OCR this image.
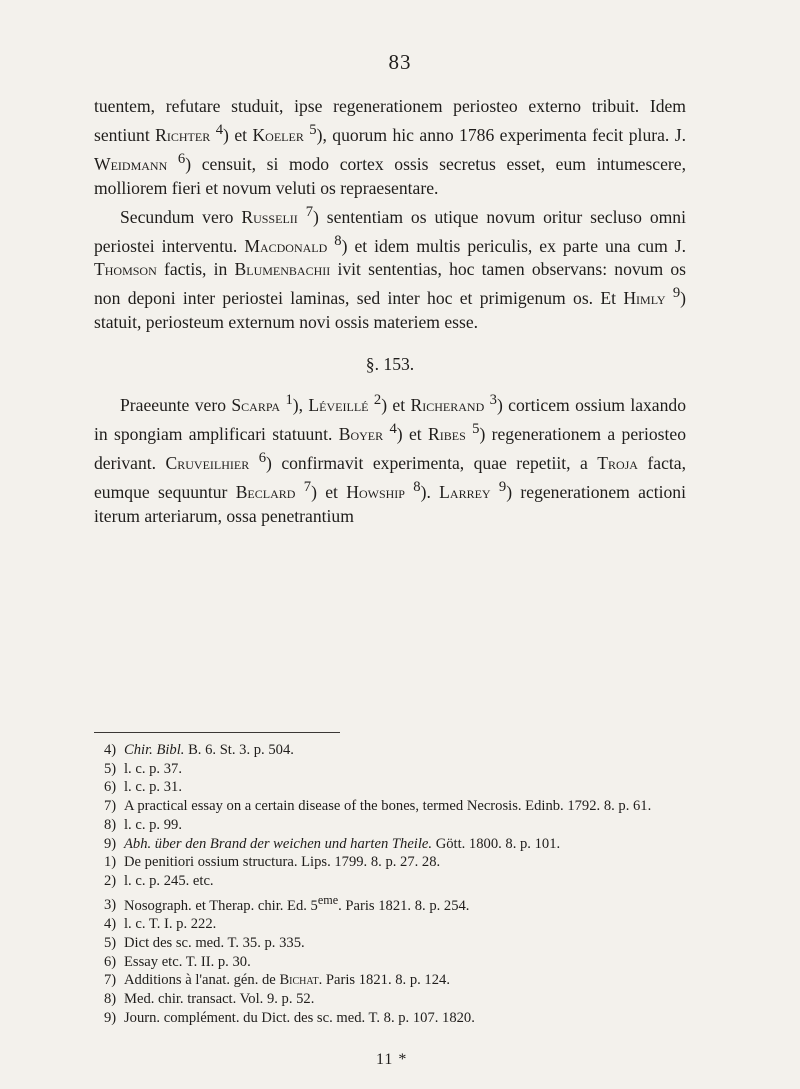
83

tuentem, refutare studuit, ipse regenerationem periosteo externo tribuit. Idem sentiunt Richter $^4$) et Koeler $^5$), quorum hic anno 1786 experimenta fecit plura. J. Weidmann $^6$) censuit, si modo cortex ossis secretus esset, eum intumescere, molliorem fieri et novum veluti os repraesentare.

Secundum vero Russelii $^7$) sententiam os utique novum oritur secluso omni periostei interventu. Macdonald $^8$) et idem multis periculis, ex parte una cum J. Thomson factis, in Blumenbachii ivit sententias, hoc tamen observans: novum os non deponi inter periostei laminas, sed inter hoc et primigenum os. Et Himly $^9$) statuit, periosteum externum novi ossis materiem esse.

§. 153.

Praeeunte vero Scarpa $^1$), Léveillé $^2$) et Richerand $^3$) corticem ossium laxando in spongiam amplificari statuunt. Boyer $^4$) et Ribes $^5$) regenerationem a periosteo derivant. Cruveilhier $^6$) confirmavit experimenta, quae repetiit, a Troja facta, eumque sequuntur Beclard $^7$) et Howship $^8$). Larrey $^9$) regenerationem actioni iterum arteriarum, ossa penetrantium

4) Chir. Bibl. B. 6. St. 3. p. 504.

5) l. c. p. 37.

6) l. c. p. 31.

7) A practical essay on a certain disease of the bones, termed Necrosis. Edinb. 1792. 8. p. 61.

8) l. c. p. 99.

9) Abh. über den Brand der weichen und harten Theile. Gött. 1800. 8. p. 101.

1) De penitiori ossium structura. Lips. 1799. 8. p. 27. 28.

2) l. c. p. 245. etc.

3) Nosograph. et Therap. chir. Ed. 5eme. Paris 1821. 8. p. 254.

4) l. c. T. I. p. 222.

5) Dict des sc. med. T. 35. p. 335.

6) Essay etc. T. II. p. 30.

7) Additions à l'anat. gén. de Bichat. Paris 1821. 8. p. 124.

8) Med. chir. transact. Vol. 9. p. 52.

9) Journ. complément. du Dict. des sc. med. T. 8. p. 107. 1820.

11 *
